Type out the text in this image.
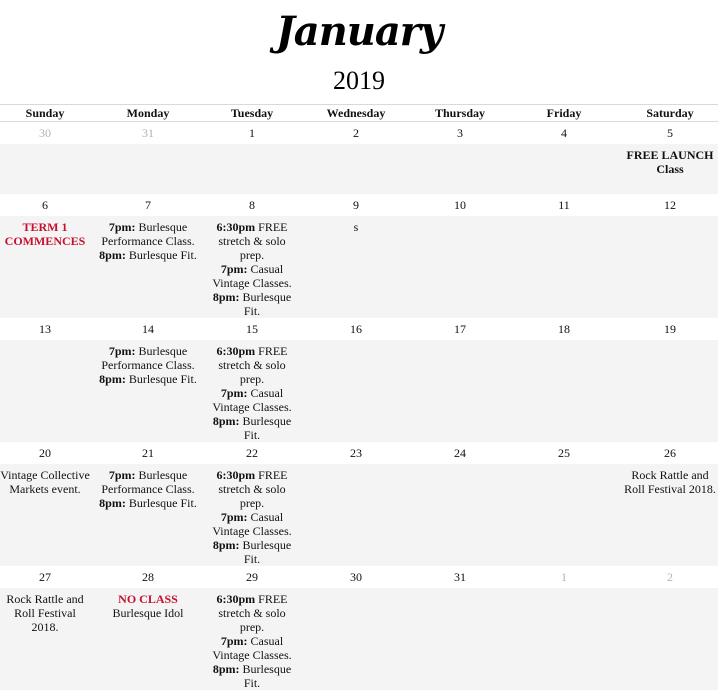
January
2019
Sunday	Monday	Tuesday	Wednesday	Thursday	Friday	Saturday
30	31	1	2	3	4	5
						FREE LAUNCH Class
6	7	8	9	10	11	12
TERM 1 COMMENCES	7pm: Burlesque Performance Class.
8pm: Burlesque Fit.	6:30pm FREE stretch & solo prep.
7pm: Casual Vintage Classes.
8pm: Burlesque Fit.	s			
13	14	15	16	17	18	19
	7pm: Burlesque Performance Class.
8pm: Burlesque Fit.	6:30pm FREE stretch & solo prep.
7pm: Casual Vintage Classes.
8pm: Burlesque Fit.				
20	21	22	23	24	25	26
Vintage Collective Markets event.	7pm: Burlesque Performance Class.
8pm: Burlesque Fit.	6:30pm FREE stretch & solo prep.
7pm: Casual Vintage Classes.
8pm: Burlesque Fit.				Rock Rattle and Roll Festival 2018.
27	28	29	30	31	1	2
Rock Rattle and Roll Festival 2018.	NO CLASS
Burlesque Idol	6:30pm FREE stretch & solo prep.
7pm: Casual Vintage Classes.
8pm: Burlesque Fit.				
